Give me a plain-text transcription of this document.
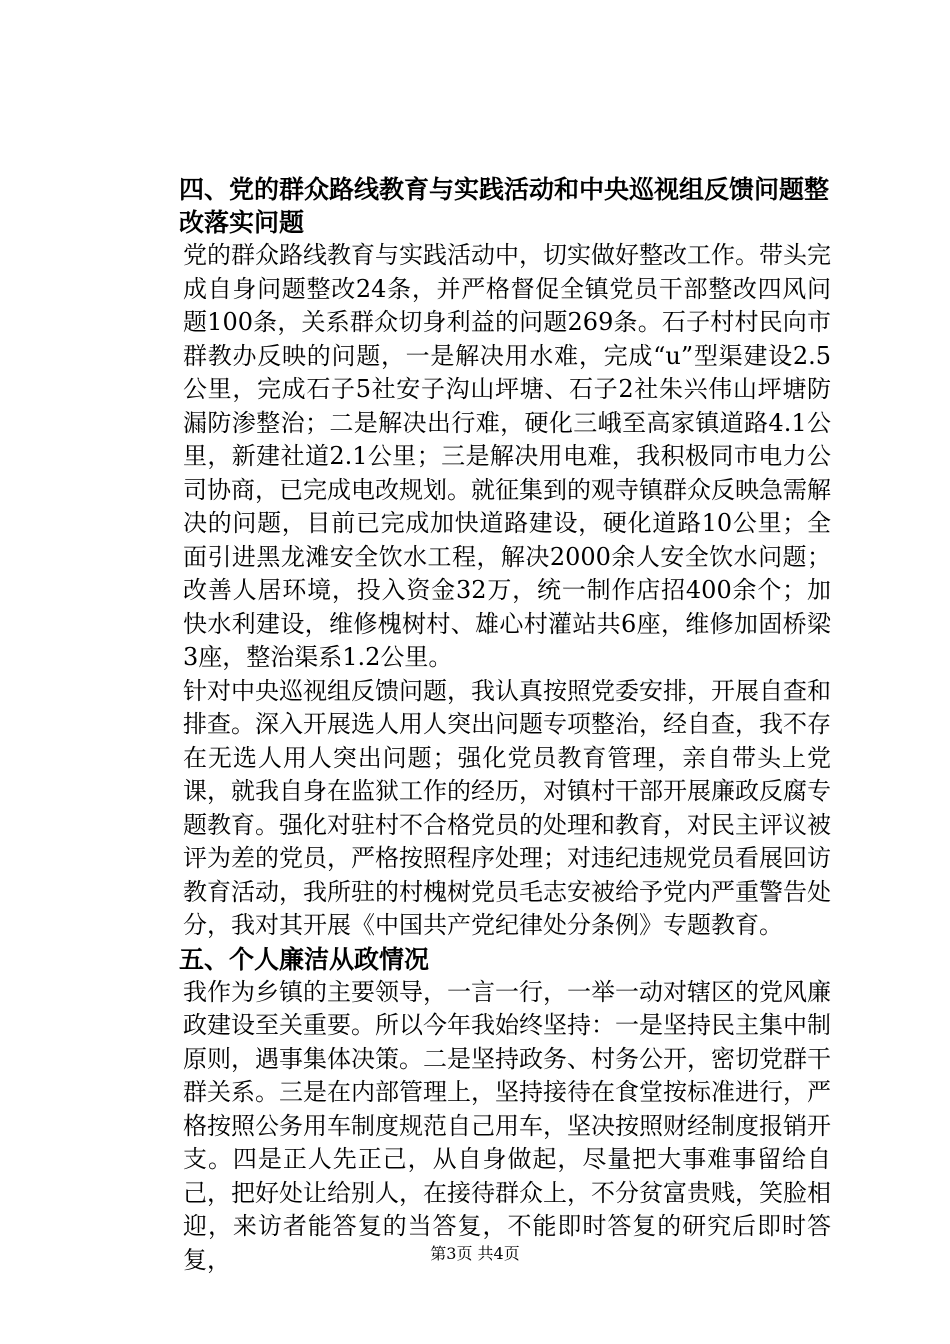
四、党的群众路线教育与实践活动和中央巡视组反馈问题整改落实问题

党的群众路线教育与实践活动中，切实做好整改工作。带头完成自身问题整改24条，并严格督促全镇党员干部整改四风问题100条，关系群众切身利益的问题269条。石子村村民向市群教办反映的问题，一是解决用水难，完成“u”型渠建设2.5公里，完成石子5社安子沟山坪塘、石子2社朱兴伟山坪塘防漏防渗整治；二是解决出行难，硬化三峨至高家镇道路4.1公里，新建社道2.1公里；三是解决用电难，我积极同市电力公司协商，已完成电改规划。就征集到的观寺镇群众反映急需解决的问题，目前已完成加快道路建设，硬化道路10公里；全面引进黑龙滩安全饮水工程，解决2000余人安全饮水问题；改善人居环境，投入资金32万，统一制作店招400余个；加快水利建设，维修槐树村、雄心村灌站共6座，维修加固桥梁3座，整治渠系1.2公里。

针对中央巡视组反馈问题，我认真按照党委安排，开展自查和排查。深入开展选人用人突出问题专项整治，经自查，我不存在无选人用人突出问题；强化党员教育管理，亲自带头上党课，就我自身在监狱工作的经历，对镇村干部开展廉政反腐专题教育。强化对驻村不合格党员的处理和教育，对民主评议被评为差的党员，严格按照程序处理；对违纪违规党员看展回访教育活动，我所驻的村槐树党员毛志安被给予党内严重警告处分，我对其开展《中国共产党纪律处分条例》专题教育。

五、个人廉洁从政情况

我作为乡镇的主要领导，一言一行，一举一动对辖区的党风廉政建设至关重要。所以今年我始终坚持：一是坚持民主集中制原则，遇事集体决策。二是坚持政务、村务公开，密切党群干群关系。三是在内部管理上，坚持接待在食堂按标准进行，严格按照公务用车制度规范自己用车，坚决按照财经制度报销开支。四是正人先正己，从自身做起，尽量把大事难事留给自己，把好处让给别人，在接待群众上，不分贫富贵贱，笑脸相迎，来访者能答复的当答复，不能即时答复的研究后即时答复，	第3页 共4页
